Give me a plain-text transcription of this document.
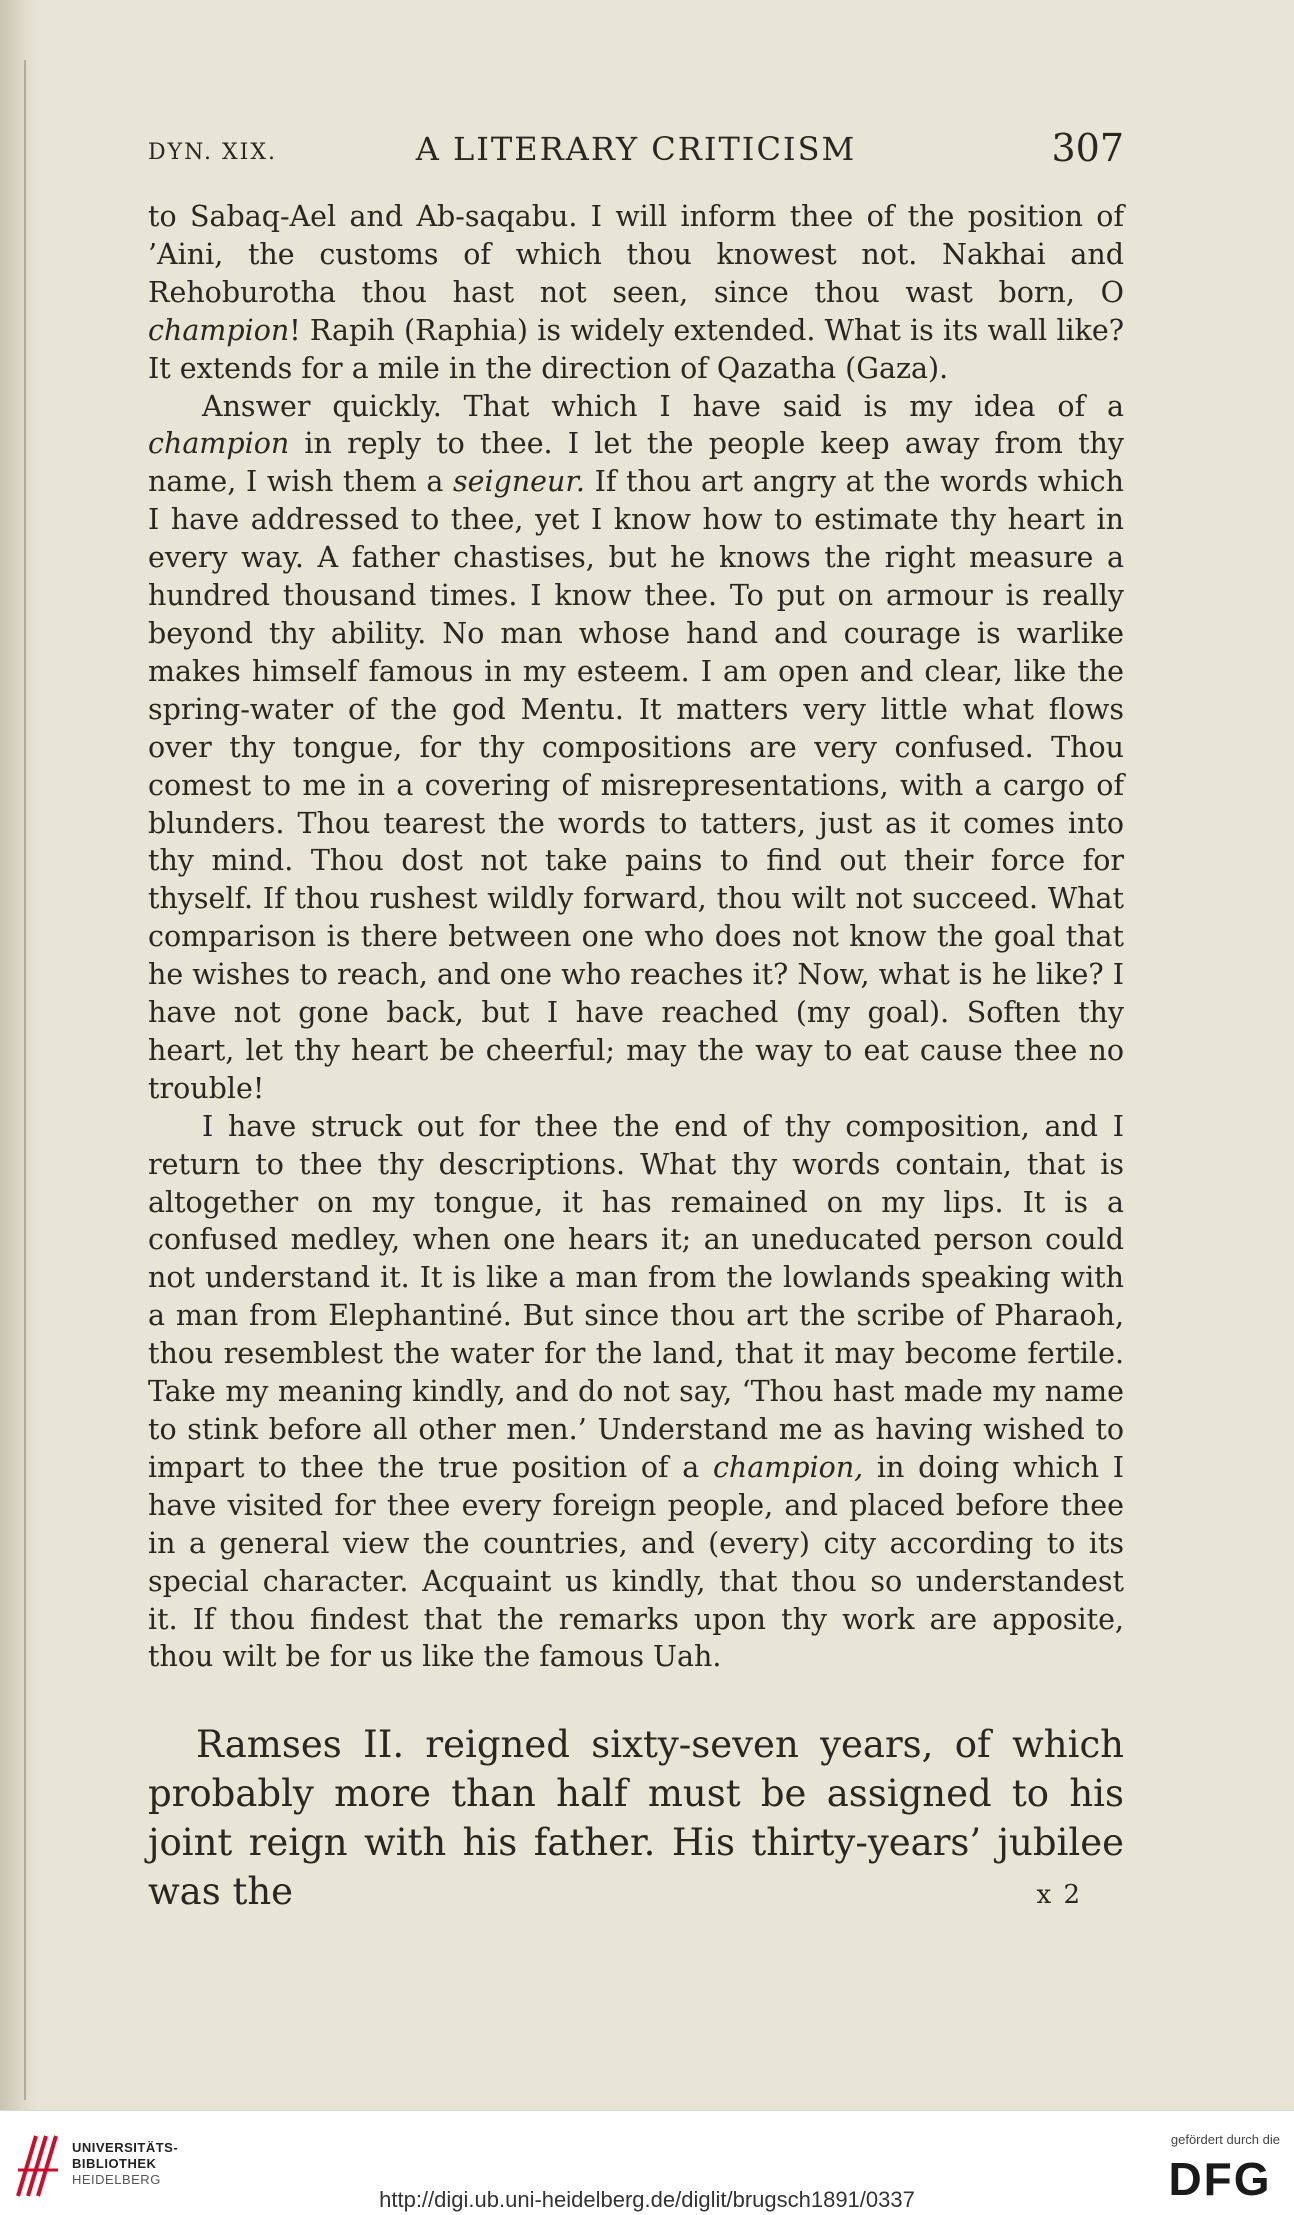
DYN. XIX.	A LITERARY CRITICISM	307

to Sabaq-Ael and Ab-saqabu. I will inform thee of the position of ’Aini, the customs of which thou knowest not. Nakhai and Rehoburotha thou hast not seen, since thou wast born, O champion! Rapih (Raphia) is widely extended. What is its wall like? It extends for a mile in the direction of Qazatha (Gaza).

Answer quickly. That which I have said is my idea of a champion in reply to thee. I let the people keep away from thy name, I wish them a seigneur. If thou art angry at the words which I have addressed to thee, yet I know how to estimate thy heart in every way. A father chastises, but he knows the right measure a hundred thousand times. I know thee. To put on armour is really beyond thy ability. No man whose hand and courage is warlike makes himself famous in my esteem. I am open and clear, like the spring-water of the god Mentu. It matters very little what flows over thy tongue, for thy compositions are very confused. Thou comest to me in a covering of misrepresentations, with a cargo of blunders. Thou tearest the words to tatters, just as it comes into thy mind. Thou dost not take pains to find out their force for thyself. If thou rushest wildly forward, thou wilt not succeed. What comparison is there between one who does not know the goal that he wishes to reach, and one who reaches it? Now, what is he like? I have not gone back, but I have reached (my goal). Soften thy heart, let thy heart be cheerful; may the way to eat cause thee no trouble!

I have struck out for thee the end of thy composition, and I return to thee thy descriptions. What thy words contain, that is altogether on my tongue, it has remained on my lips. It is a confused medley, when one hears it; an uneducated person could not understand it. It is like a man from the lowlands speaking with a man from Elephantiné. But since thou art the scribe of Pharaoh, thou resemblest the water for the land, that it may become fertile. Take my meaning kindly, and do not say, ‘Thou hast made my name to stink before all other men.’ Understand me as having wished to impart to thee the true position of a champion, in doing which I have visited for thee every foreign people, and placed before thee in a general view the countries, and (every) city according to its special character. Acquaint us kindly, that thou so understandest it. If thou findest that the remarks upon thy work are apposite, thou wilt be for us like the famous Uah.

Ramses II. reigned sixty-seven years, of which probably more than half must be assigned to his joint reign with his father. His thirty-years’ jubilee was the	x 2
UNIVERSITÄTS-
BIBLIOTHEK
HEIDELBERG
http://digi.ub.uni-heidelberg.de/diglit/brugsch1891/0337
gefördert durch die
DFG
